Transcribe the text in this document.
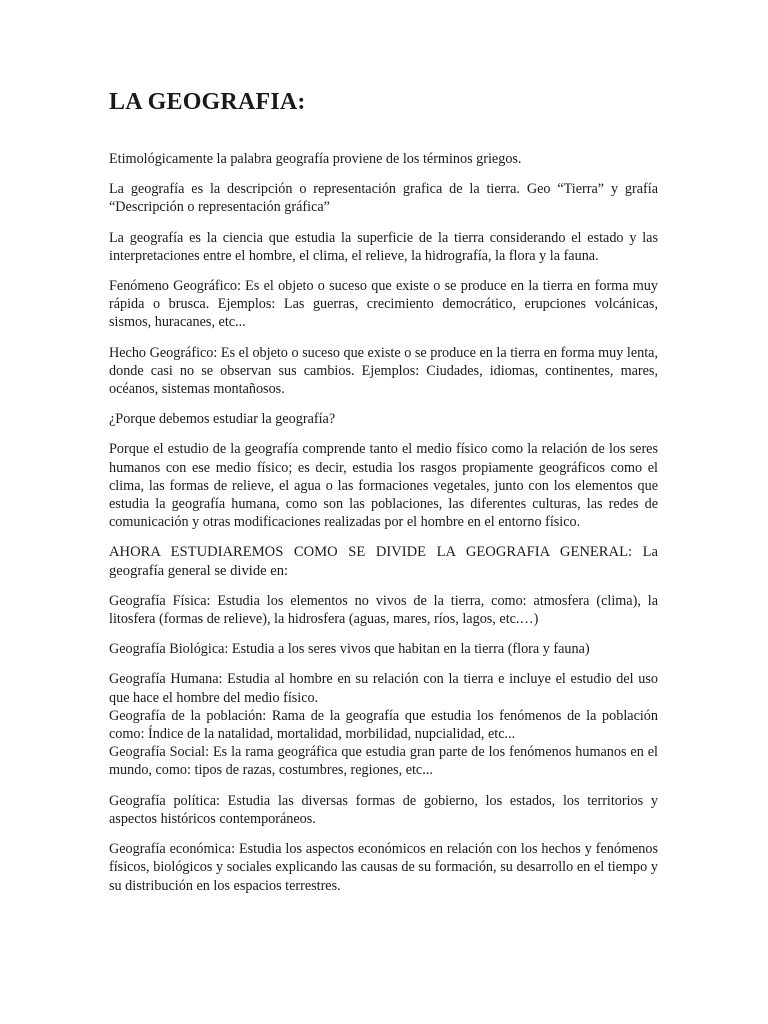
LA GEOGRAFIA:

Etimológicamente la palabra geografía proviene de los términos griegos.

La geografía es la descripción o representación grafica de la tierra. Geo “Tierra” y grafía “Descripción o representación gráfica”

La geografía es la ciencia que estudia la superficie de la tierra considerando el estado y las interpretaciones entre el hombre, el clima, el relieve, la hidrografía, la flora y la fauna.

Fenómeno Geográfico: Es el objeto o suceso que existe o se produce en la tierra en forma muy rápida o brusca. Ejemplos: Las guerras, crecimiento democrático, erupciones volcánicas, sismos, huracanes, etc...

Hecho Geográfico: Es el objeto o suceso que existe o se produce en la tierra en forma muy lenta, donde casi no se observan sus cambios. Ejemplos: Ciudades, idiomas, continentes, mares, océanos, sistemas montañosos.

¿Porque debemos estudiar la geografía?

Porque el estudio de la geografía comprende tanto el medio físico como la relación de los seres humanos con ese medio físico; es decir, estudia los rasgos propiamente geográficos como el clima, las formas de relieve, el agua o las formaciones vegetales, junto con los elementos que estudia la geografía humana, como son las poblaciones, las diferentes culturas, las redes de comunicación y otras modificaciones realizadas por el hombre en el entorno físico.

AHORA ESTUDIAREMOS COMO SE DIVIDE LA GEOGRAFIA GENERAL: La geografía general se divide en:

Geografía Física: Estudia los elementos no vivos de la tierra, como: atmosfera (clima), la litosfera (formas de relieve), la hidrosfera (aguas, mares, ríos, lagos, etc.…)

Geografía Biológica: Estudia a los seres vivos que habitan en la tierra (flora y fauna)

Geografía Humana: Estudia al hombre en su relación con la tierra e incluye el estudio del uso que hace el hombre del medio físico.
Geografía de la población: Rama de la geografía que estudia los fenómenos de la población como: Índice de la natalidad, mortalidad, morbilidad, nupcialidad, etc...
Geografía Social: Es la rama geográfica que estudia gran parte de los fenómenos humanos en el mundo, como: tipos de razas, costumbres, regiones, etc...

Geografía política: Estudia las diversas formas de gobierno, los estados, los territorios y aspectos históricos contemporáneos.

Geografía económica: Estudia los aspectos económicos en relación con los hechos y fenómenos físicos, biológicos y sociales explicando las causas de su formación, su desarrollo en el tiempo y su distribución en los espacios terrestres.
